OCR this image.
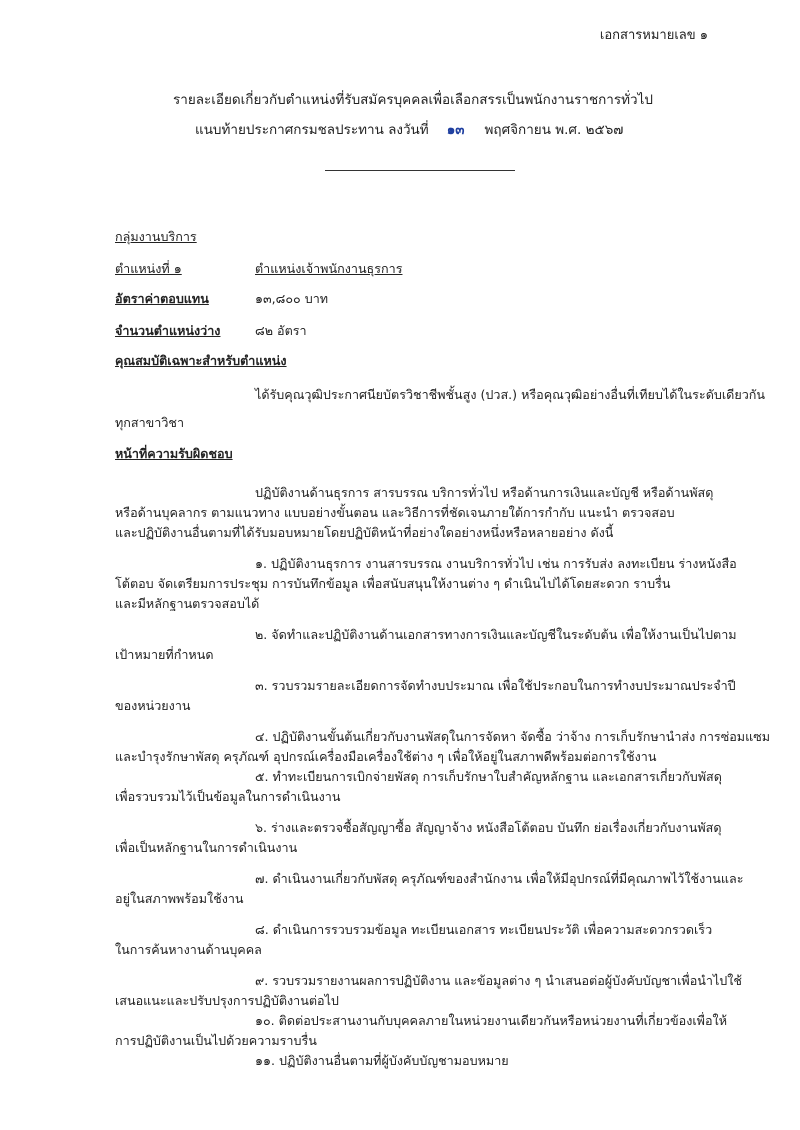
เอกสารหมายเลข ๑
รายละเอียดเกี่ยวกับตำแหน่งที่รับสมัครบุคคลเพื่อเลือกสรรเป็นพนักงานราชการทั่วไป
แนบท้ายประกาศกรมชลประทาน ลงวันที่ ๑๓ พฤศจิกายน พ.ศ. ๒๕๖๗
กลุ่มงานบริการ
ตำแหน่งที่ ๑	ตำแหน่งเจ้าพนักงานธุรการ
อัตราค่าตอบแทน	๑๓,๘๐๐ บาท
จำนวนตำแหน่งว่าง	๘๒ อัตรา
คุณสมบัติเฉพาะสำหรับตำแหน่ง
ได้รับคุณวุฒิประกาศนียบัตรวิชาชีพชั้นสูง (ปวส.) หรือคุณวุฒิอย่างอื่นที่เทียบได้ในระดับเดียวกัน
ทุกสาขาวิชา
หน้าที่ความรับผิดชอบ
ปฏิบัติงานด้านธุรการ สารบรรณ บริการทั่วไป หรือด้านการเงินและบัญชี หรือด้านพัสดุ
หรือด้านบุคลากร ตามแนวทาง แบบอย่างขั้นตอน และวิธีการที่ชัดเจนภายใต้การกำกับ แนะนำ ตรวจสอบ
และปฏิบัติงานอื่นตามที่ได้รับมอบหมายโดยปฏิบัติหน้าที่อย่างใดอย่างหนึ่งหรือหลายอย่าง ดังนี้
๑. ปฏิบัติงานธุรการ งานสารบรรณ งานบริการทั่วไป เช่น การรับส่ง ลงทะเบียน ร่างหนังสือ
โต้ตอบ จัดเตรียมการประชุม การบันทึกข้อมูล เพื่อสนับสนุนให้งานต่าง ๆ ดำเนินไปได้โดยสะดวก ราบรื่น
และมีหลักฐานตรวจสอบได้
๒. จัดทำและปฏิบัติงานด้านเอกสารทางการเงินและบัญชีในระดับต้น เพื่อให้งานเป็นไปตาม
เป้าหมายที่กำหนด
๓. รวบรวมรายละเอียดการจัดทำงบประมาณ เพื่อใช้ประกอบในการทำงบประมาณประจำปี
ของหน่วยงาน
๔. ปฏิบัติงานขั้นต้นเกี่ยวกับงานพัสดุในการจัดหา จัดซื้อ ว่าจ้าง การเก็บรักษานำส่ง การซ่อมแซม
และบำรุงรักษาพัสดุ ครุภัณฑ์ อุปกรณ์เครื่องมือเครื่องใช้ต่าง ๆ เพื่อให้อยู่ในสภาพดีพร้อมต่อการใช้งาน
๕. ทำทะเบียนการเบิกจ่ายพัสดุ การเก็บรักษาใบสำคัญหลักฐาน และเอกสารเกี่ยวกับพัสดุ
เพื่อรวบรวมไว้เป็นข้อมูลในการดำเนินงาน
๖. ร่างและตรวจซื้อสัญญาซื้อ สัญญาจ้าง หนังสือโต้ตอบ บันทึก ย่อเรื่องเกี่ยวกับงานพัสดุ
เพื่อเป็นหลักฐานในการดำเนินงาน
๗. ดำเนินงานเกี่ยวกับพัสดุ ครุภัณฑ์ของสำนักงาน เพื่อให้มีอุปกรณ์ที่มีคุณภาพไว้ใช้งานและ
อยู่ในสภาพพร้อมใช้งาน
๘. ดำเนินการรวบรวมข้อมูล ทะเบียนเอกสาร ทะเบียนประวัติ เพื่อความสะดวกรวดเร็ว
ในการค้นหางานด้านบุคคล
๙. รวบรวมรายงานผลการปฏิบัติงาน และข้อมูลต่าง ๆ นำเสนอต่อผู้บังคับบัญชาเพื่อนำไปใช้
เสนอแนะและปรับปรุงการปฏิบัติงานต่อไป
๑๐. ติดต่อประสานงานกับบุคคลภายในหน่วยงานเดียวกันหรือหน่วยงานที่เกี่ยวข้องเพื่อให้
การปฏิบัติงานเป็นไปด้วยความราบรื่น
๑๑. ปฏิบัติงานอื่นตามที่ผู้บังคับบัญชามอบหมาย
